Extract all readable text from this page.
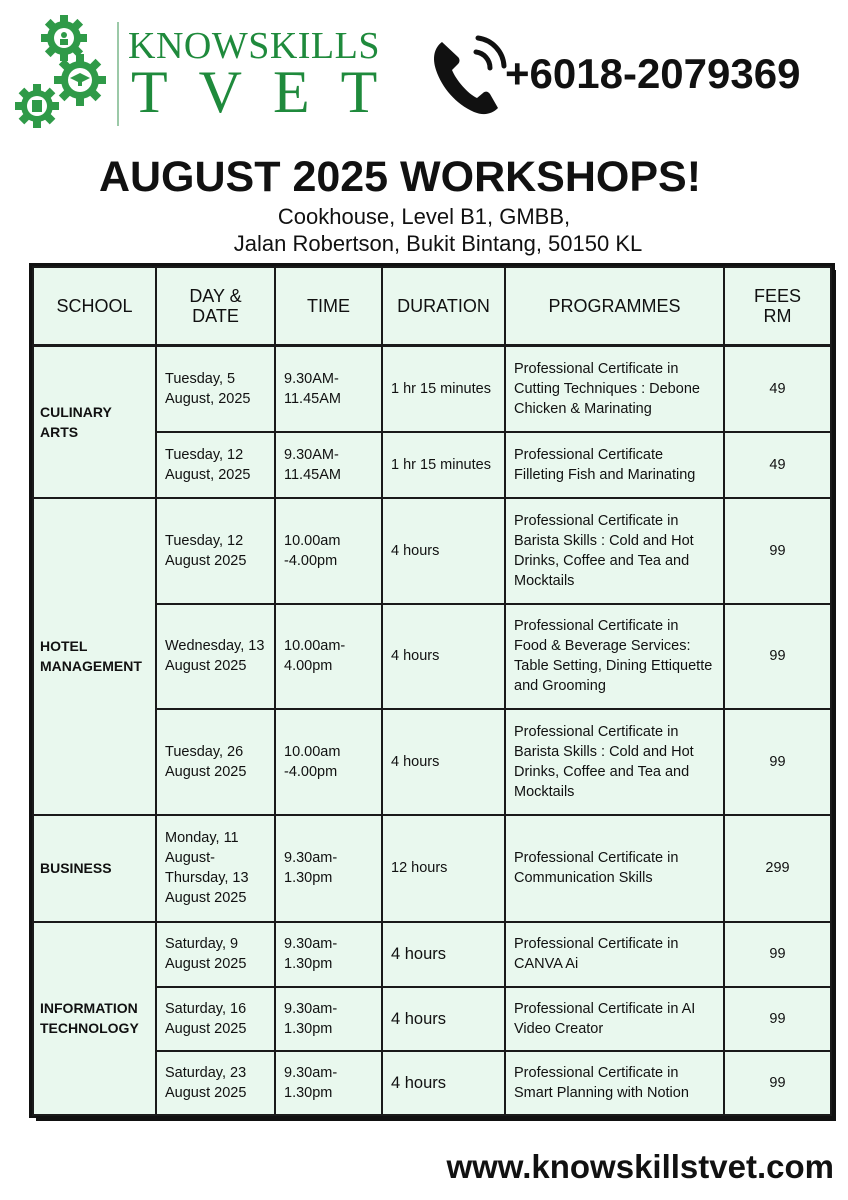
KNOWSKILLS
TVET +6018-2079369
AUGUST 2025 WORKSHOPS!
Cookhouse, Level B1, GMBB,
Jalan Robertson, Bukit Bintang, 50150 KL
SCHOOL	DAY & DATE	TIME	DURATION	PROGRAMMES	FEES RM
CULINARY ARTS	Tuesday, 5 August, 2025	9.30AM-11.45AM	1 hr 15 minutes	Professional Certificate in Cutting Techniques : Debone Chicken & Marinating	49
	Tuesday, 12 August, 2025	9.30AM-11.45AM	1 hr 15 minutes	Professional Certificate Filleting Fish and Marinating	49
HOTEL MANAGEMENT	Tuesday, 12 August 2025	10.00am -4.00pm	4 hours	Professional Certificate in Barista Skills : Cold and Hot Drinks, Coffee and Tea and Mocktails	99
	Wednesday, 13 August 2025	10.00am-4.00pm	4 hours	Professional Certificate in Food & Beverage Services: Table Setting, Dining Ettiquette and Grooming	99
	Tuesday, 26 August 2025	10.00am -4.00pm	4 hours	Professional Certificate in Barista Skills : Cold and Hot Drinks, Coffee and Tea and Mocktails	99
BUSINESS	Monday, 11 August-Thursday, 13 August 2025	9.30am-1.30pm	12 hours	Professional Certificate in Communication Skills	299
INFORMATION TECHNOLOGY	Saturday, 9 August 2025	9.30am-1.30pm	4 hours	Professional Certificate in CANVA Ai	99
	Saturday, 16 August 2025	9.30am-1.30pm	4 hours	Professional Certificate in AI Video Creator	99
	Saturday, 23 August 2025	9.30am-1.30pm	4 hours	Professional Certificate in Smart Planning with Notion	99
www.knowskillstvet.com
